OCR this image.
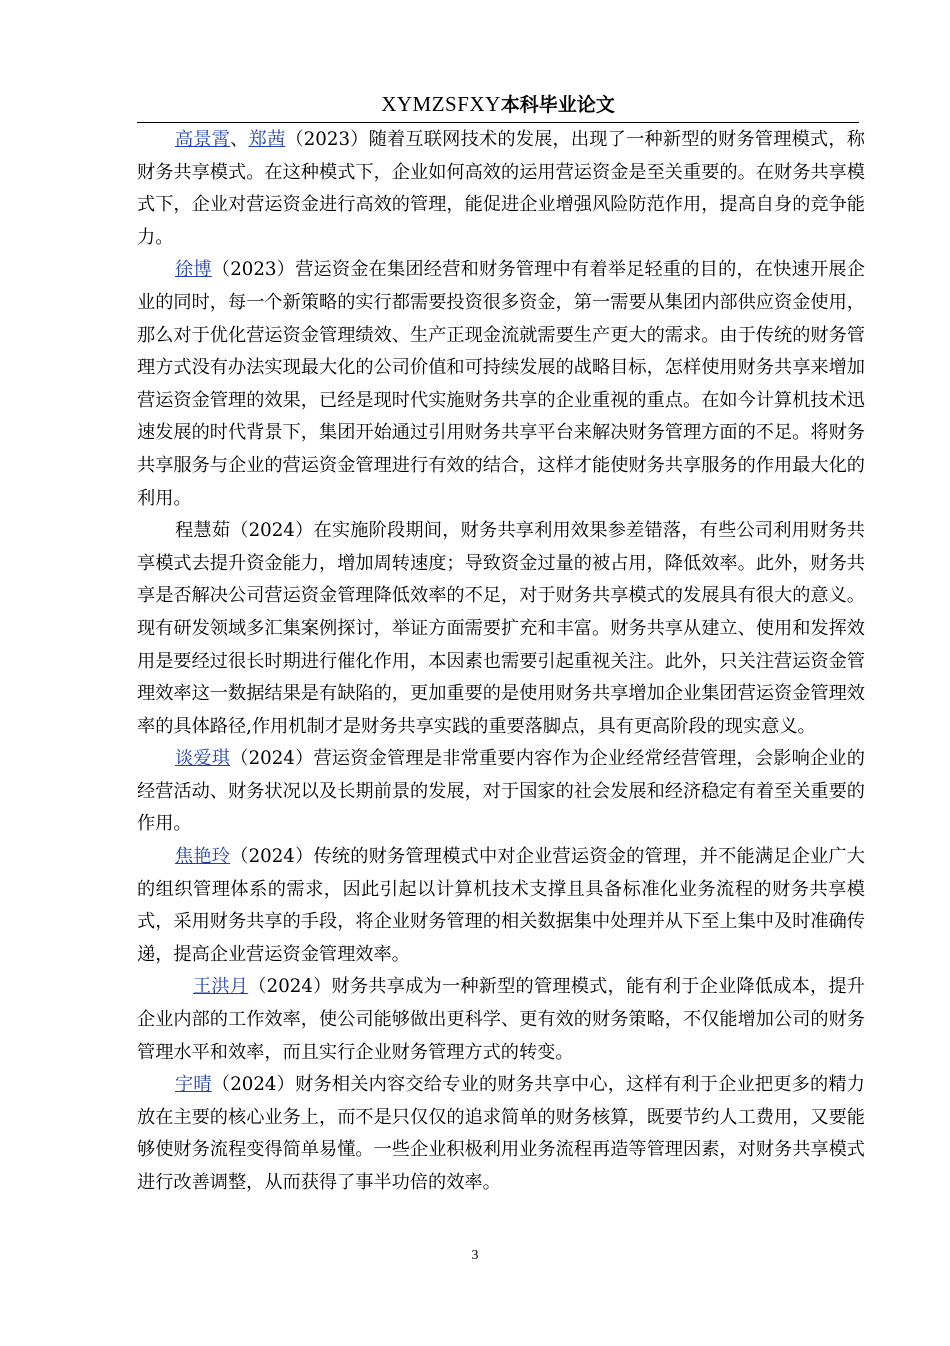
XYMZSFXY本科毕业论文

高景霄、郑茜（2023）随着互联网技术的发展，出现了一种新型的财务管理模式，称财务共享模式。在这种模式下，企业如何高效的运用营运资金是至关重要的。在财务共享模式下，企业对营运资金进行高效的管理，能促进企业增强风险防范作用，提高自身的竞争能力。

徐博（2023）营运资金在集团经营和财务管理中有着举足轻重的目的，在快速开展企业的同时，每一个新策略的实行都需要投资很多资金，第一需要从集团内部供应资金使用，那么对于优化营运资金管理绩效、生产正现金流就需要生产更大的需求。由于传统的财务管理方式没有办法实现最大化的公司价值和可持续发展的战略目标，怎样使用财务共享来增加营运资金管理的效果，已经是现时代实施财务共享的企业重视的重点。在如今计算机技术迅速发展的时代背景下，集团开始通过引用财务共享平台来解决财务管理方面的不足。将财务共享服务与企业的营运资金管理进行有效的结合，这样才能使财务共享服务的作用最大化的利用。

程慧茹（2024）在实施阶段期间，财务共享利用效果参差错落，有些公司利用财务共享模式去提升资金能力，增加周转速度；导致资金过量的被占用，降低效率。此外，财务共享是否解决公司营运资金管理降低效率的不足，对于财务共享模式的发展具有很大的意义。现有研发领域多汇集案例探讨，举证方面需要扩充和丰富。财务共享从建立、使用和发挥效用是要经过很长时期进行催化作用，本因素也需要引起重视关注。此外，只关注营运资金管理效率这一数据结果是有缺陷的，更加重要的是使用财务共享增加企业集团营运资金管理效率的具体路径,作用机制才是财务共享实践的重要落脚点，具有更高阶段的现实意义。

谈爱琪（2024）营运资金管理是非常重要内容作为企业经常经营管理，会影响企业的经营活动、财务状况以及长期前景的发展，对于国家的社会发展和经济稳定有着至关重要的作用。

焦艳玲（2024）传统的财务管理模式中对企业营运资金的管理，并不能满足企业广大的组织管理体系的需求，因此引起以计算机技术支撑且具备标准化业务流程的财务共享模式，采用财务共享的手段，将企业财务管理的相关数据集中处理并从下至上集中及时准确传递，提高企业营运资金管理效率。

王洪月（2024）财务共享成为一种新型的管理模式，能有利于企业降低成本，提升企业内部的工作效率，使公司能够做出更科学、更有效的财务策略，不仅能增加公司的财务管理水平和效率，而且实行企业财务管理方式的转变。

宇晴（2024）财务相关内容交给专业的财务共享中心，这样有利于企业把更多的精力放在主要的核心业务上，而不是只仅仅的追求简单的财务核算，既要节约人工费用，又要能够使财务流程变得简单易懂。一些企业积极利用业务流程再造等管理因素，对财务共享模式进行改善调整，从而获得了事半功倍的效率。

3
